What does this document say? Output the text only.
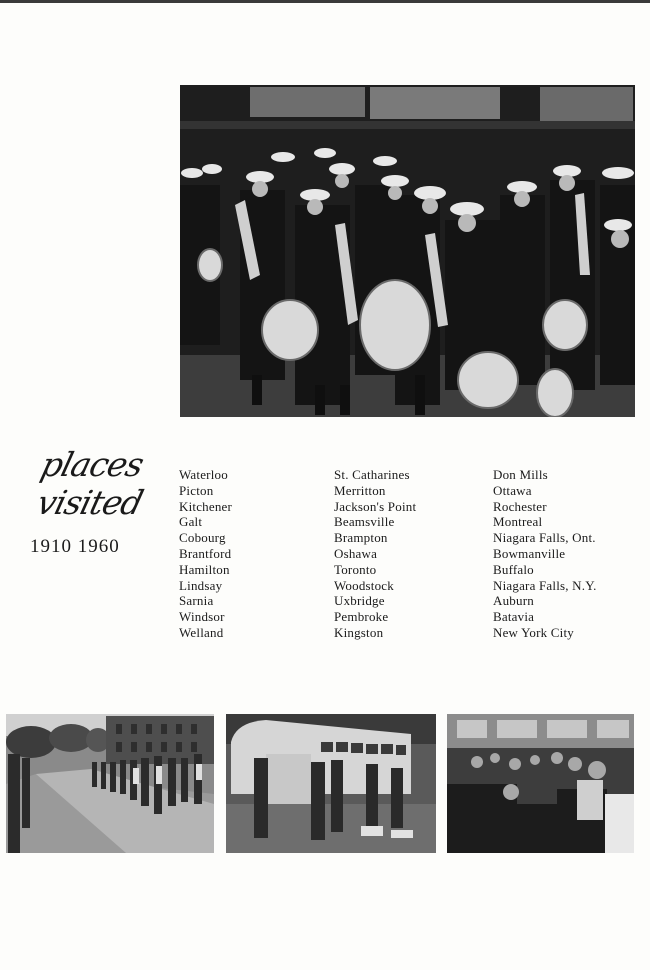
places
visited
1910 1960
Waterloo
Picton
Kitchener
Galt
Cobourg
Brantford
Hamilton
Lindsay
Sarnia
Windsor
Welland
St. Catharines
Merritton
Jackson's Point
Beamsville
Brampton
Oshawa
Toronto
Woodstock
Uxbridge
Pembroke
Kingston
Don Mills
Ottawa
Rochester
Montreal
Niagara Falls, Ont.
Bowmanville
Buffalo
Niagara Falls, N.Y.
Auburn
Batavia
New York City
